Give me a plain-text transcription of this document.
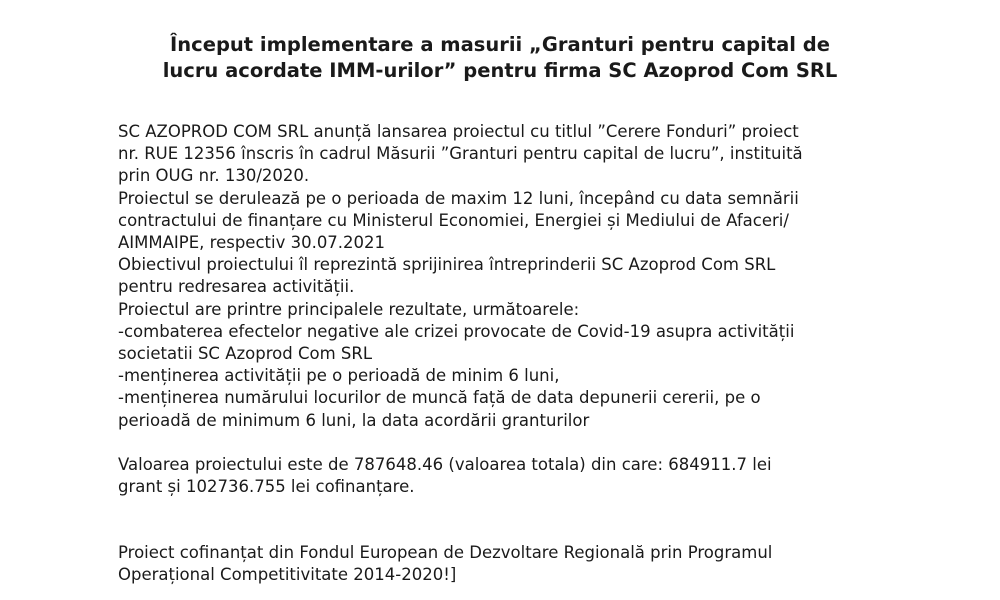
Început implementare a masurii „Granturi pentru capital de
lucru acordate IMM-urilor” pentru firma SC Azoprod Com SRL
SC AZOPROD COM SRL anunță lansarea proiectul cu titlul ”Cerere Fonduri” proiect
nr. RUE 12356 înscris în cadrul Măsurii ”Granturi pentru capital de lucru”, instituită
prin OUG nr. 130/2020.
Proiectul se derulează pe o perioada de maxim 12 luni, începând cu data semnării
contractului de finanțare cu Ministerul Economiei, Energiei și Mediului de Afaceri/
AIMMAIPE, respectiv 30.07.2021
Obiectivul proiectului îl reprezintă sprijinirea întreprinderii SC Azoprod Com SRL
pentru redresarea activității.
Proiectul are printre principalele rezultate, următoarele:
-combaterea efectelor negative ale crizei provocate de Covid-19 asupra activității
societatii SC Azoprod Com SRL
-menținerea activității pe o perioadă de minim 6 luni,
-menținerea numărului locurilor de muncă față de data depunerii cererii, pe o
perioadă de minimum 6 luni, la data acordării granturilor
Valoarea proiectului este de 787648.46 (valoarea totala) din care: 684911.7 lei
grant și 102736.755 lei cofinanțare.
Proiect cofinanțat din Fondul European de Dezvoltare Regională prin Programul
Operațional Competitivitate 2014-2020!]
